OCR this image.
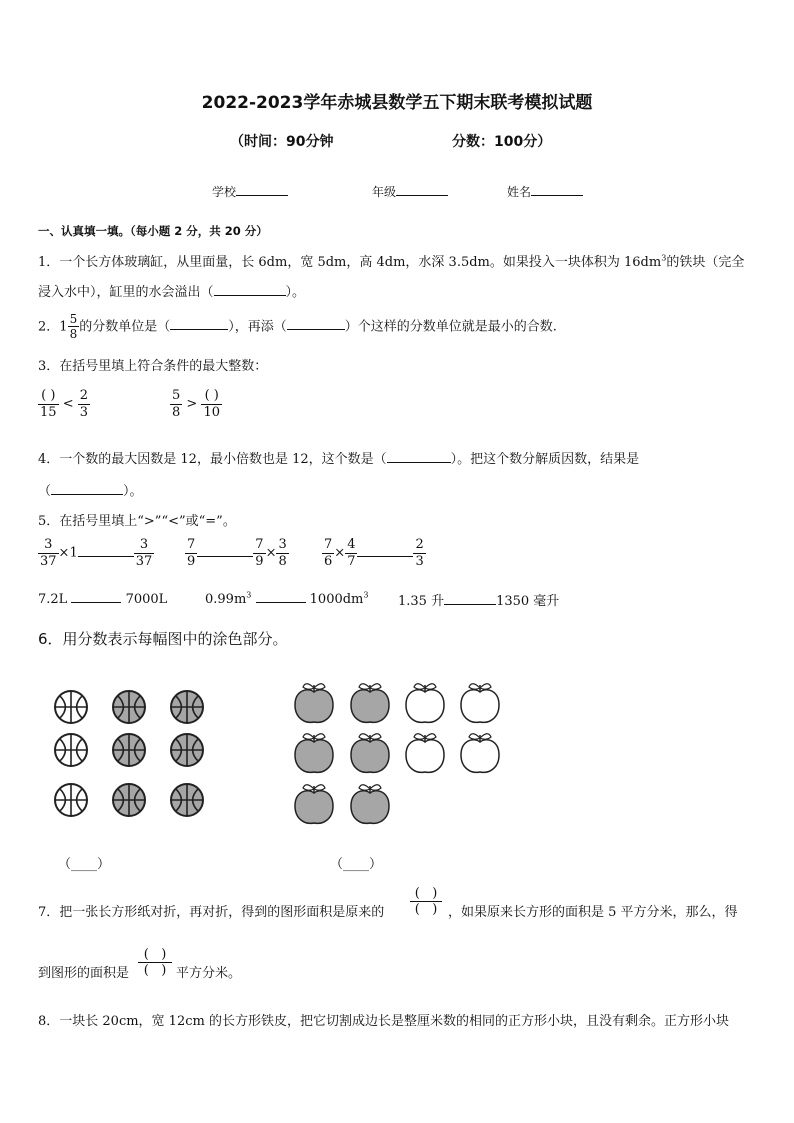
2022-2023学年赤城县数学五下期末联考模拟试题
（时间：90分钟	分数：100分）
学校	年级	姓名
一、认真填一填。（每小题 2 分，共 20 分）
1．一个长方体玻璃缸，从里面量，长 6dm，宽 5dm，高 4dm，水深 3.5dm。如果投入一块体积为 $16dm^3$的铁块（完全
浸入水中），缸里的水会溢出（	）。
2．$1 \frac{5}{8}$ 的分数单位是（	），再添（	）个这样的分数单位就是最小的合数.
3．在括号里填上符合条件的最大整数：
$\frac{( )}{15} < \frac{2}{3}$	$\frac{5}{8} > \frac{( )}{10}$
4．一个数的最大因数是 12，最小倍数也是 12，这个数是（	）。把这个数分解质因数，结果是
（	）。
5．在括号里填上“>”“<”或“=”。
$\frac{3}{37} \times 1$	$\frac{3}{37} \frac{7}{9}$	$\frac{7}{9} \times \frac{3}{8}$	$\frac{7}{6} \times \frac{4}{7}$	$\frac{2}{3}$
7.2L	7000L	$0.99m^3$	$1000dm^3$ 1.35 升	1350 毫升
6．用分数表示每幅图中的涂色部分。
（____）	（____）
7．把一张长方形纸对折，再对折，得到的图形面积是原来的
(   )
(   ) ，如果原来长方形的面积是 5 平方分米，那么，得
到图形的面积是
(   )
(   ) 平方分米。
8．一块长 20cm，宽 12cm 的长方形铁皮，把它切割成边长是整厘米数的相同的正方形小块，且没有剩余。正方形小块
